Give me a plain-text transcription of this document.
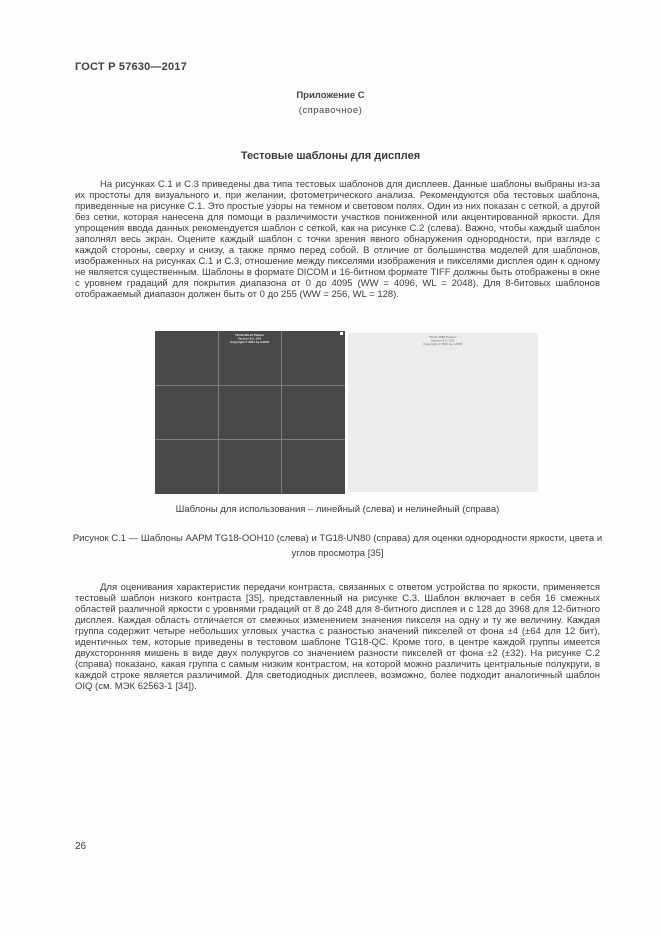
ГОСТ Р 57630—2017
Приложение С
(справочное)
Тестовые шаблоны для дисплея

На рисунках С.1 и С.3 приведены два типа тестовых шаблонов для дисплеев. Данные шаблоны выбраны из-за их простоты для визуального и, при желании, фотометрического анализа. Рекомендуются оба тестовых шаблона, приведенные на рисунке С.1. Это простые узоры на темном и световом полях. Один из них показан с сеткой, а другой без сетки, которая нанесена для помощи в различимости участков пониженной или акцентированной яркости. Для упрощения ввода данных рекомендуется шаблон с сеткой, как на рисунке С.2 (слева). Важно, чтобы каждый шаблон заполнял весь экран. Оцените каждый шаблон с точки зрения явного обнаружения однородности, при взгляде с каждой стороны, сверху и снизу, а также прямо перед собой. В отличие от большинства моделей для шаблонов, изображенных на рисунках С.1 и С.3, отношение между пикселями изображения и пикселями дисплея один к одному не является существенным. Шаблоны в формате DICOM и 16-битном формате TIFF должны быть отображены в окне с уровнем градаций для покрытия диапазона от 0 до 4095 (WW = 4096, WL = 2048). Для 8-битовых шаблонов отображаемый диапазон должен быть от 0 до 255 (WW = 256, WL = 128).

TG18-UNL10 Pattern
Version 8.0, 1/01
Copyright © 2001 by AAPM
TG18-UN80 Pattern
Version 8.0, 1/01
Copyright © 2001 by AAPM
Шаблоны для использования – линейный (слева) и нелинейный (справа)
Рисунок С.1 — Шаблоны AAPM TG18-OOH10 (слева) и TG18-UN80 (справа) для оценки однородности яркости, цвета и углов просмотра [35]

Для оценивания характеристик передачи контраста, связанных с ответом устройства по яркости, применяется тестовый шаблон низкого контраста [35], представленный на рисунке С.3. Шаблон включает в себя 16 смежных областей различной яркости с уровнями градаций от 8 до 248 для 8-битного дисплея и с 128 до 3968 для 12-битного дисплея. Каждая область отличается от смежных изменением значения пикселя на одну и ту же величину. Каждая группа содержит четыре небольших угловых участка с разностью значений пикселей от фона ±4 (±64 для 12 бит), идентичных тем, которые приведены в тестовом шаблоне TG18-QC. Кроме того, в центре каждой группы имеется двухсторонняя мишень в виде двух полукругов со значением разности пикселей от фона ±2 (±32). На рисунке С.2 (справа) показано, какая группа с самым низким контрастом, на которой можно различить центральные полукруги, в каждой строке является различимой. Для светодиодных дисплеев, возможно, более подходит аналогичный шаблон OIQ (см. МЭК 62563-1 [34]).

26
